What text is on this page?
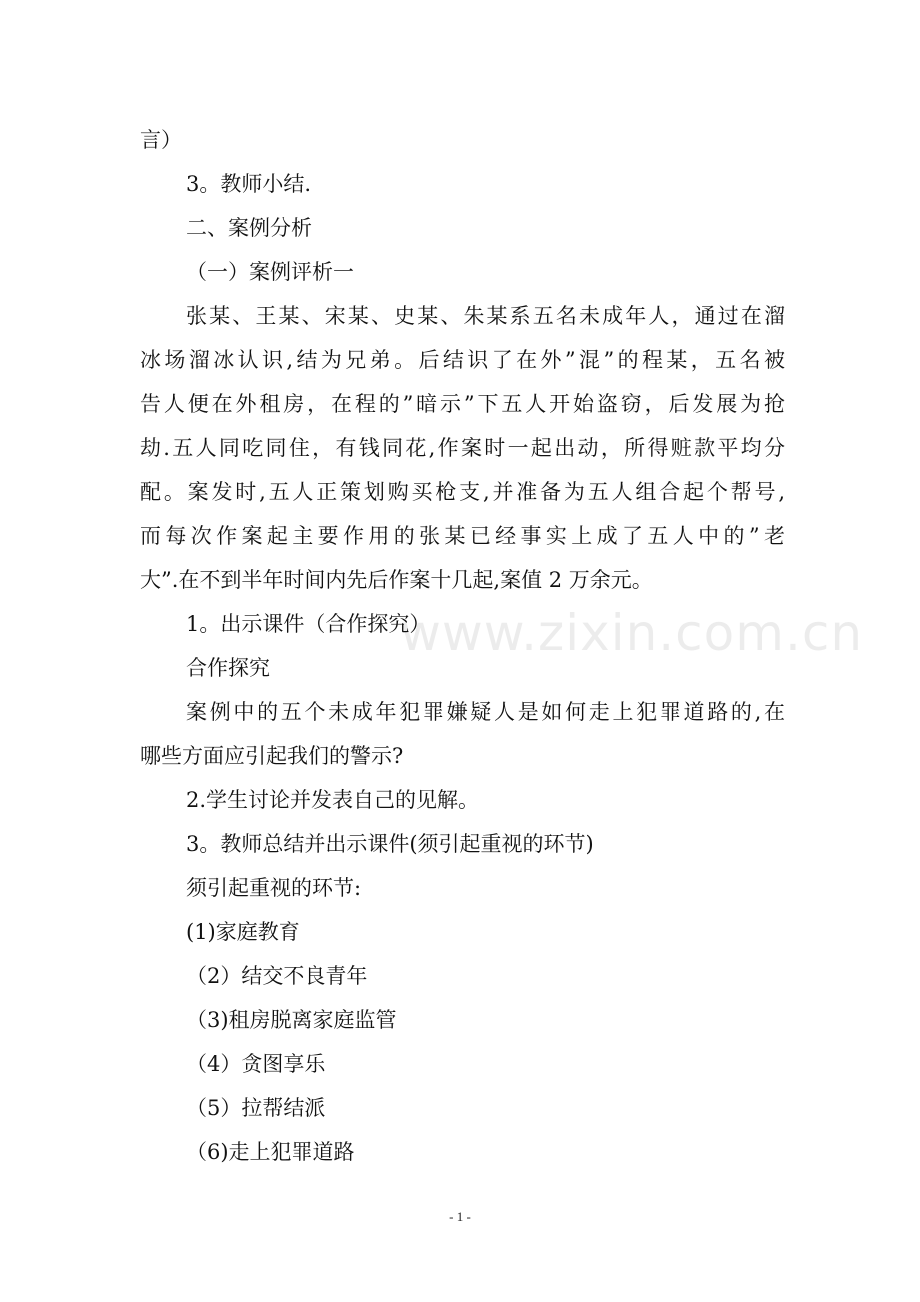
言）

3。教师小结.

二、案例分析

（一）案例评析一

张某、王某、宋某、史某、朱某系五名未成年人，通过在溜
冰场溜冰认识,结为兄弟。后结识了在外”混”的程某，五名被
告人便在外租房，在程的”暗示”下五人开始盗窃，后发展为抢
劫.五人同吃同住，有钱同花,作案时一起出动，所得赃款平均分
配。案发时,五人正策划购买枪支,并准备为五人组合起个帮号,
而每次作案起主要作用的张某已经事实上成了五人中的”老
大”.在不到半年时间内先后作案十几起,案值 2 万余元。

1。出示课件（合作探究）

合作探究

案例中的五个未成年犯罪嫌疑人是如何走上犯罪道路的,在
哪些方面应引起我们的警示?

2.学生讨论并发表自己的见解。

3。教师总结并出示课件(须引起重视的环节)

须引起重视的环节:

(1)家庭教育

（2）结交不良青年

（3)租房脱离家庭监管

（4）贪图享乐

（5）拉帮结派

（6)走上犯罪道路

www.zixin.com.cn
- 1 -
